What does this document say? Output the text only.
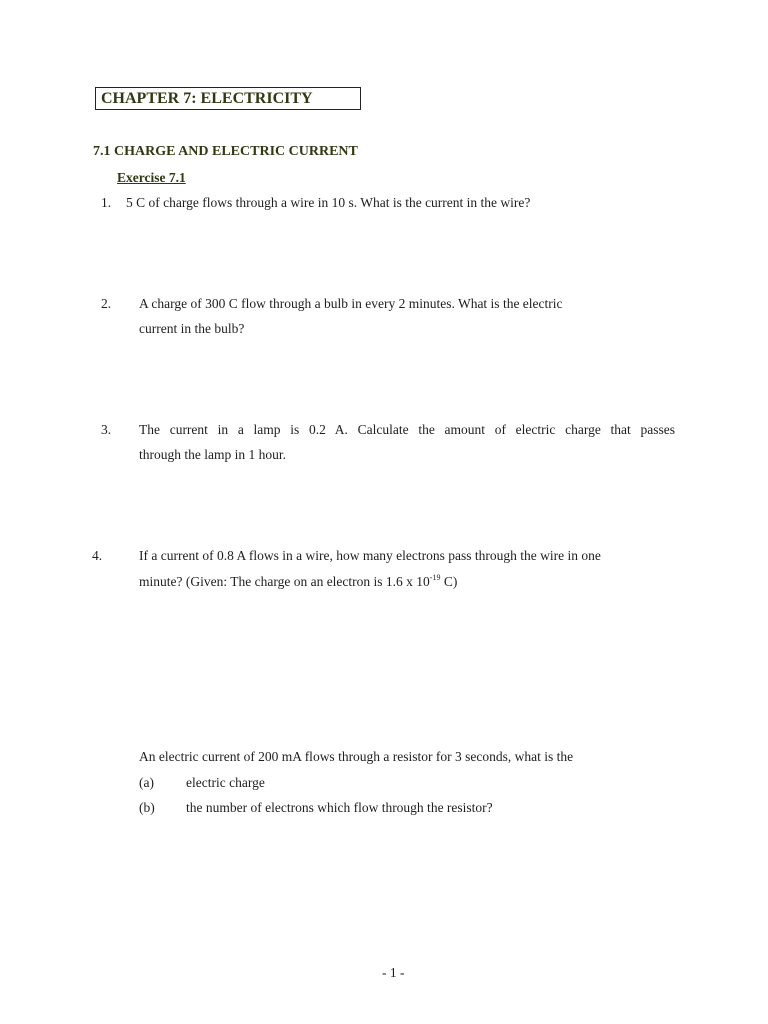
CHAPTER 7: ELECTRICITY
7.1 CHARGE AND ELECTRIC CURRENT
Exercise 7.1
1. 5 C of charge flows through a wire in 10 s. What is the current in the wire?
2. A charge of 300 C flow through a bulb in every 2 minutes. What is the electric
current in the bulb?
3. The current in a lamp is 0.2 A. Calculate the amount of electric charge that passes
through the lamp in 1 hour.
4.	If a current of 0.8 A flows in a wire, how many electrons pass through the wire in one
minute? (Given: The charge on an electron is 1.6 x $10^{-19}$ C)
An electric current of 200 mA flows through a resistor for 3 seconds, what is the
(a) electric charge
(b) the number of electrons which flow through the resistor?
- 1 -
